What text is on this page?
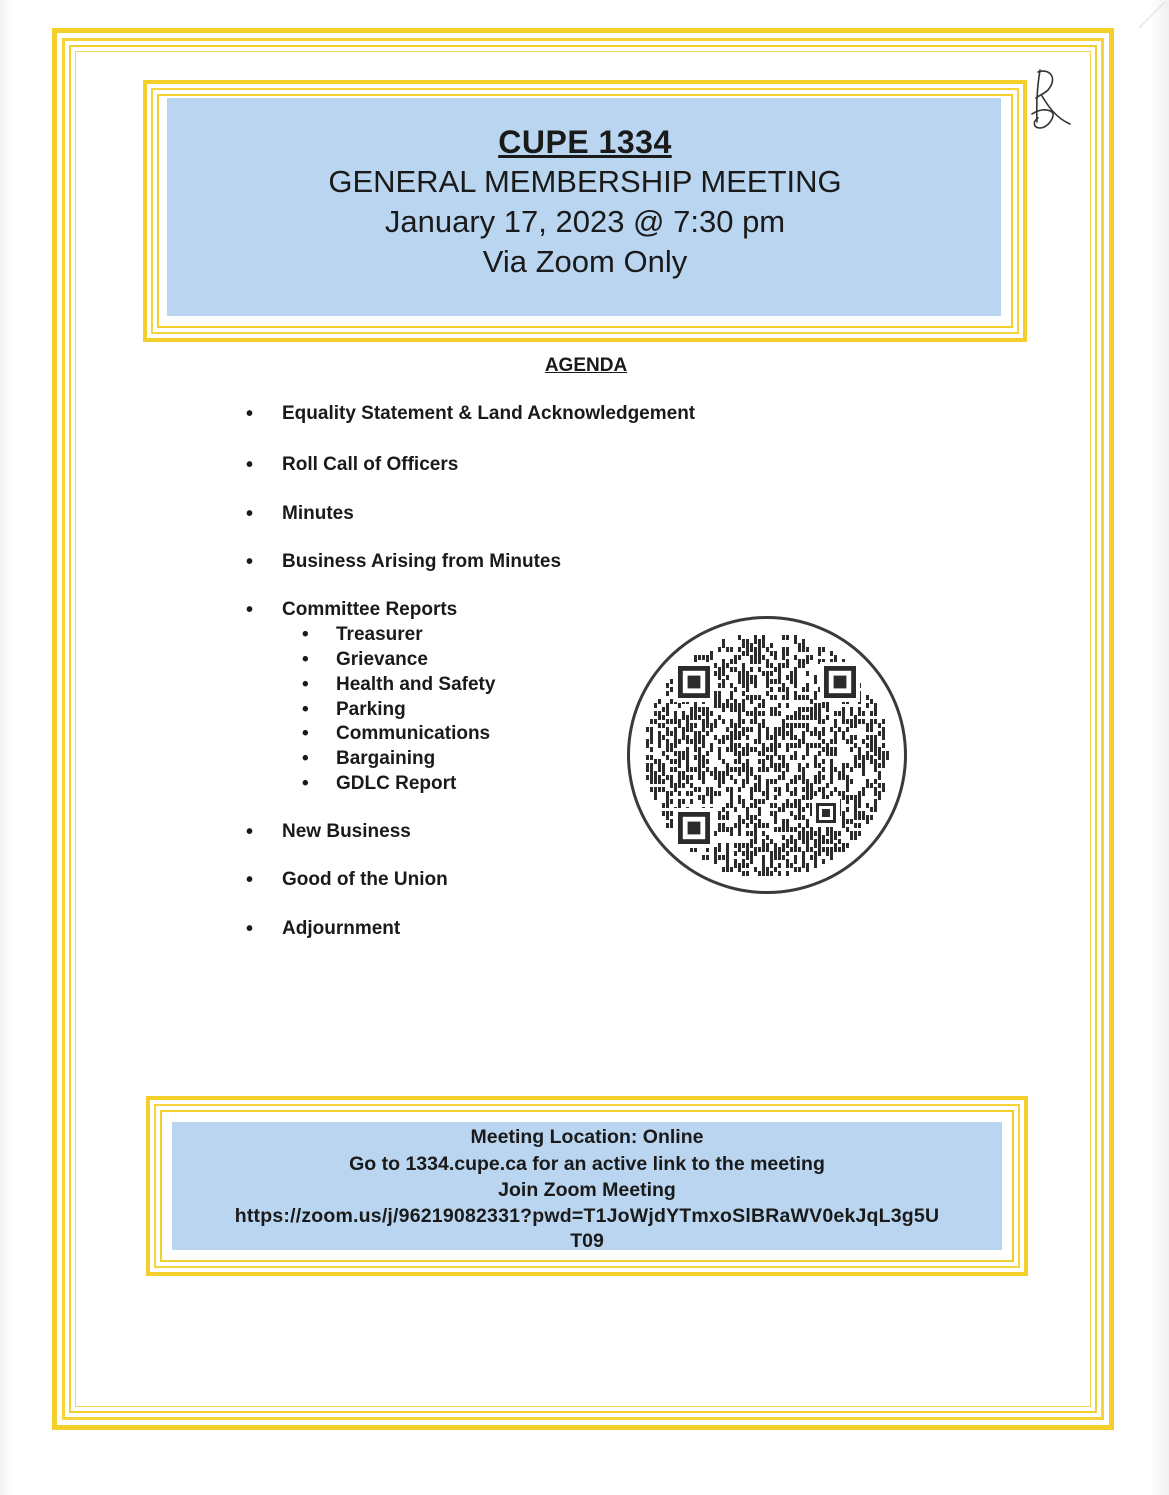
CUPE 1334
GENERAL MEMBERSHIP MEETING
January 17, 2023 @ 7:30 pm
Via Zoom Only
AGENDA
• Equality Statement & Land Acknowledgement
• Roll Call of Officers
• Minutes
• Business Arising from Minutes
• Committee Reports
• Treasurer
• Grievance
• Health and Safety
• Parking
• Communications
• Bargaining
• GDLC Report
• New Business
• Good of the Union
• Adjournment
Meeting Location: Online
Go to 1334.cupe.ca for an active link to the meeting
Join Zoom Meeting
https://zoom.us/j/96219082331?pwd=T1JoWjdYTmxoSlBRaWV0ekJqL3g5U
T09
